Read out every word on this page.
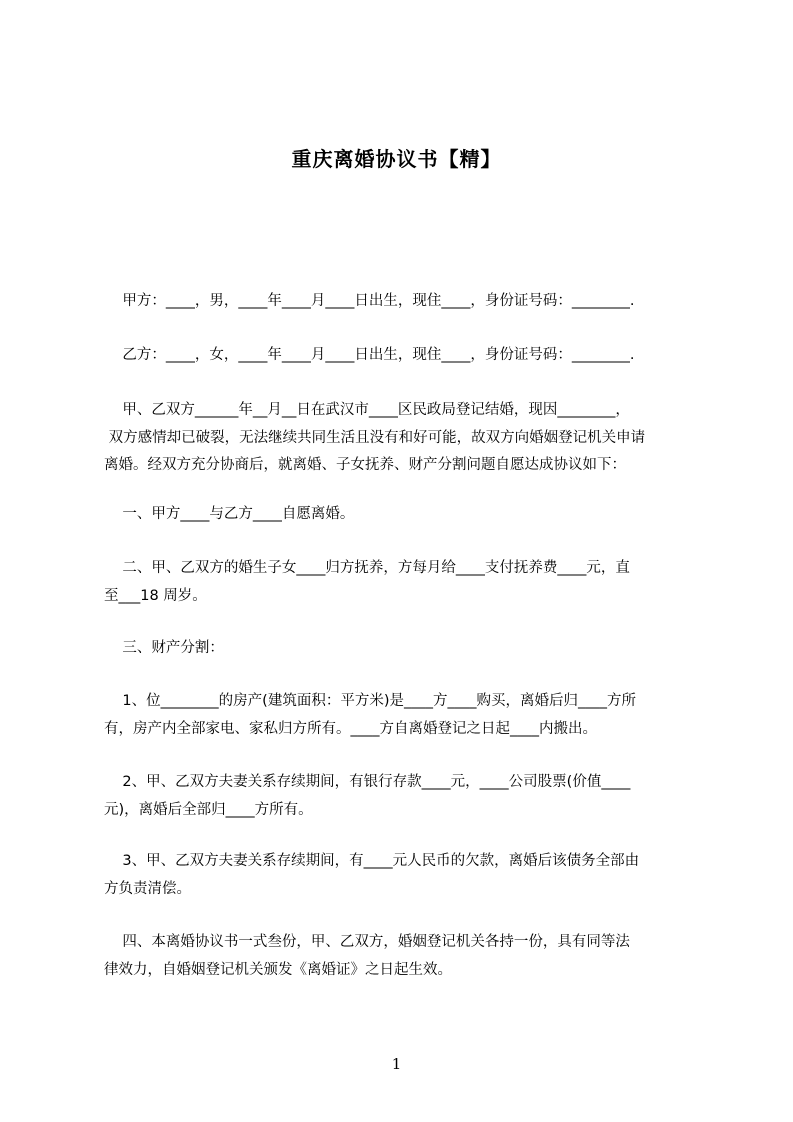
重庆离婚协议书【精】
甲方：____，男，____年____月____日出生，现住____，身份证号码：________.
乙方：____，女，____年____月____日出生，现住____，身份证号码：________.
甲、乙双方______年__月__日在武汉市____区民政局登记结婚，现因________，
双方感情却已破裂，无法继续共同生活且没有和好可能，故双方向婚姻登记机关申请
离婚。经双方充分协商后，就离婚、子女抚养、财产分割问题自愿达成协议如下：
一、甲方____与乙方____自愿离婚。
二、甲、乙双方的婚生子女____归方抚养，方每月给____支付抚养费____元，直
至___18 周岁。
三、财产分割：
1、位________的房产(建筑面积：平方米)是____方____购买，离婚后归____方所
有，房产内全部家电、家私归方所有。____方自离婚登记之日起____内搬出。
2、甲、乙双方夫妻关系存续期间，有银行存款____元，____公司股票(价值____
元)，离婚后全部归____方所有。
3、甲、乙双方夫妻关系存续期间，有____元人民币的欠款，离婚后该债务全部由
方负责清偿。
四、本离婚协议书一式叁份，甲、乙双方，婚姻登记机关各持一份，具有同等法
律效力，自婚姻登记机关颁发《离婚证》之日起生效。
1
